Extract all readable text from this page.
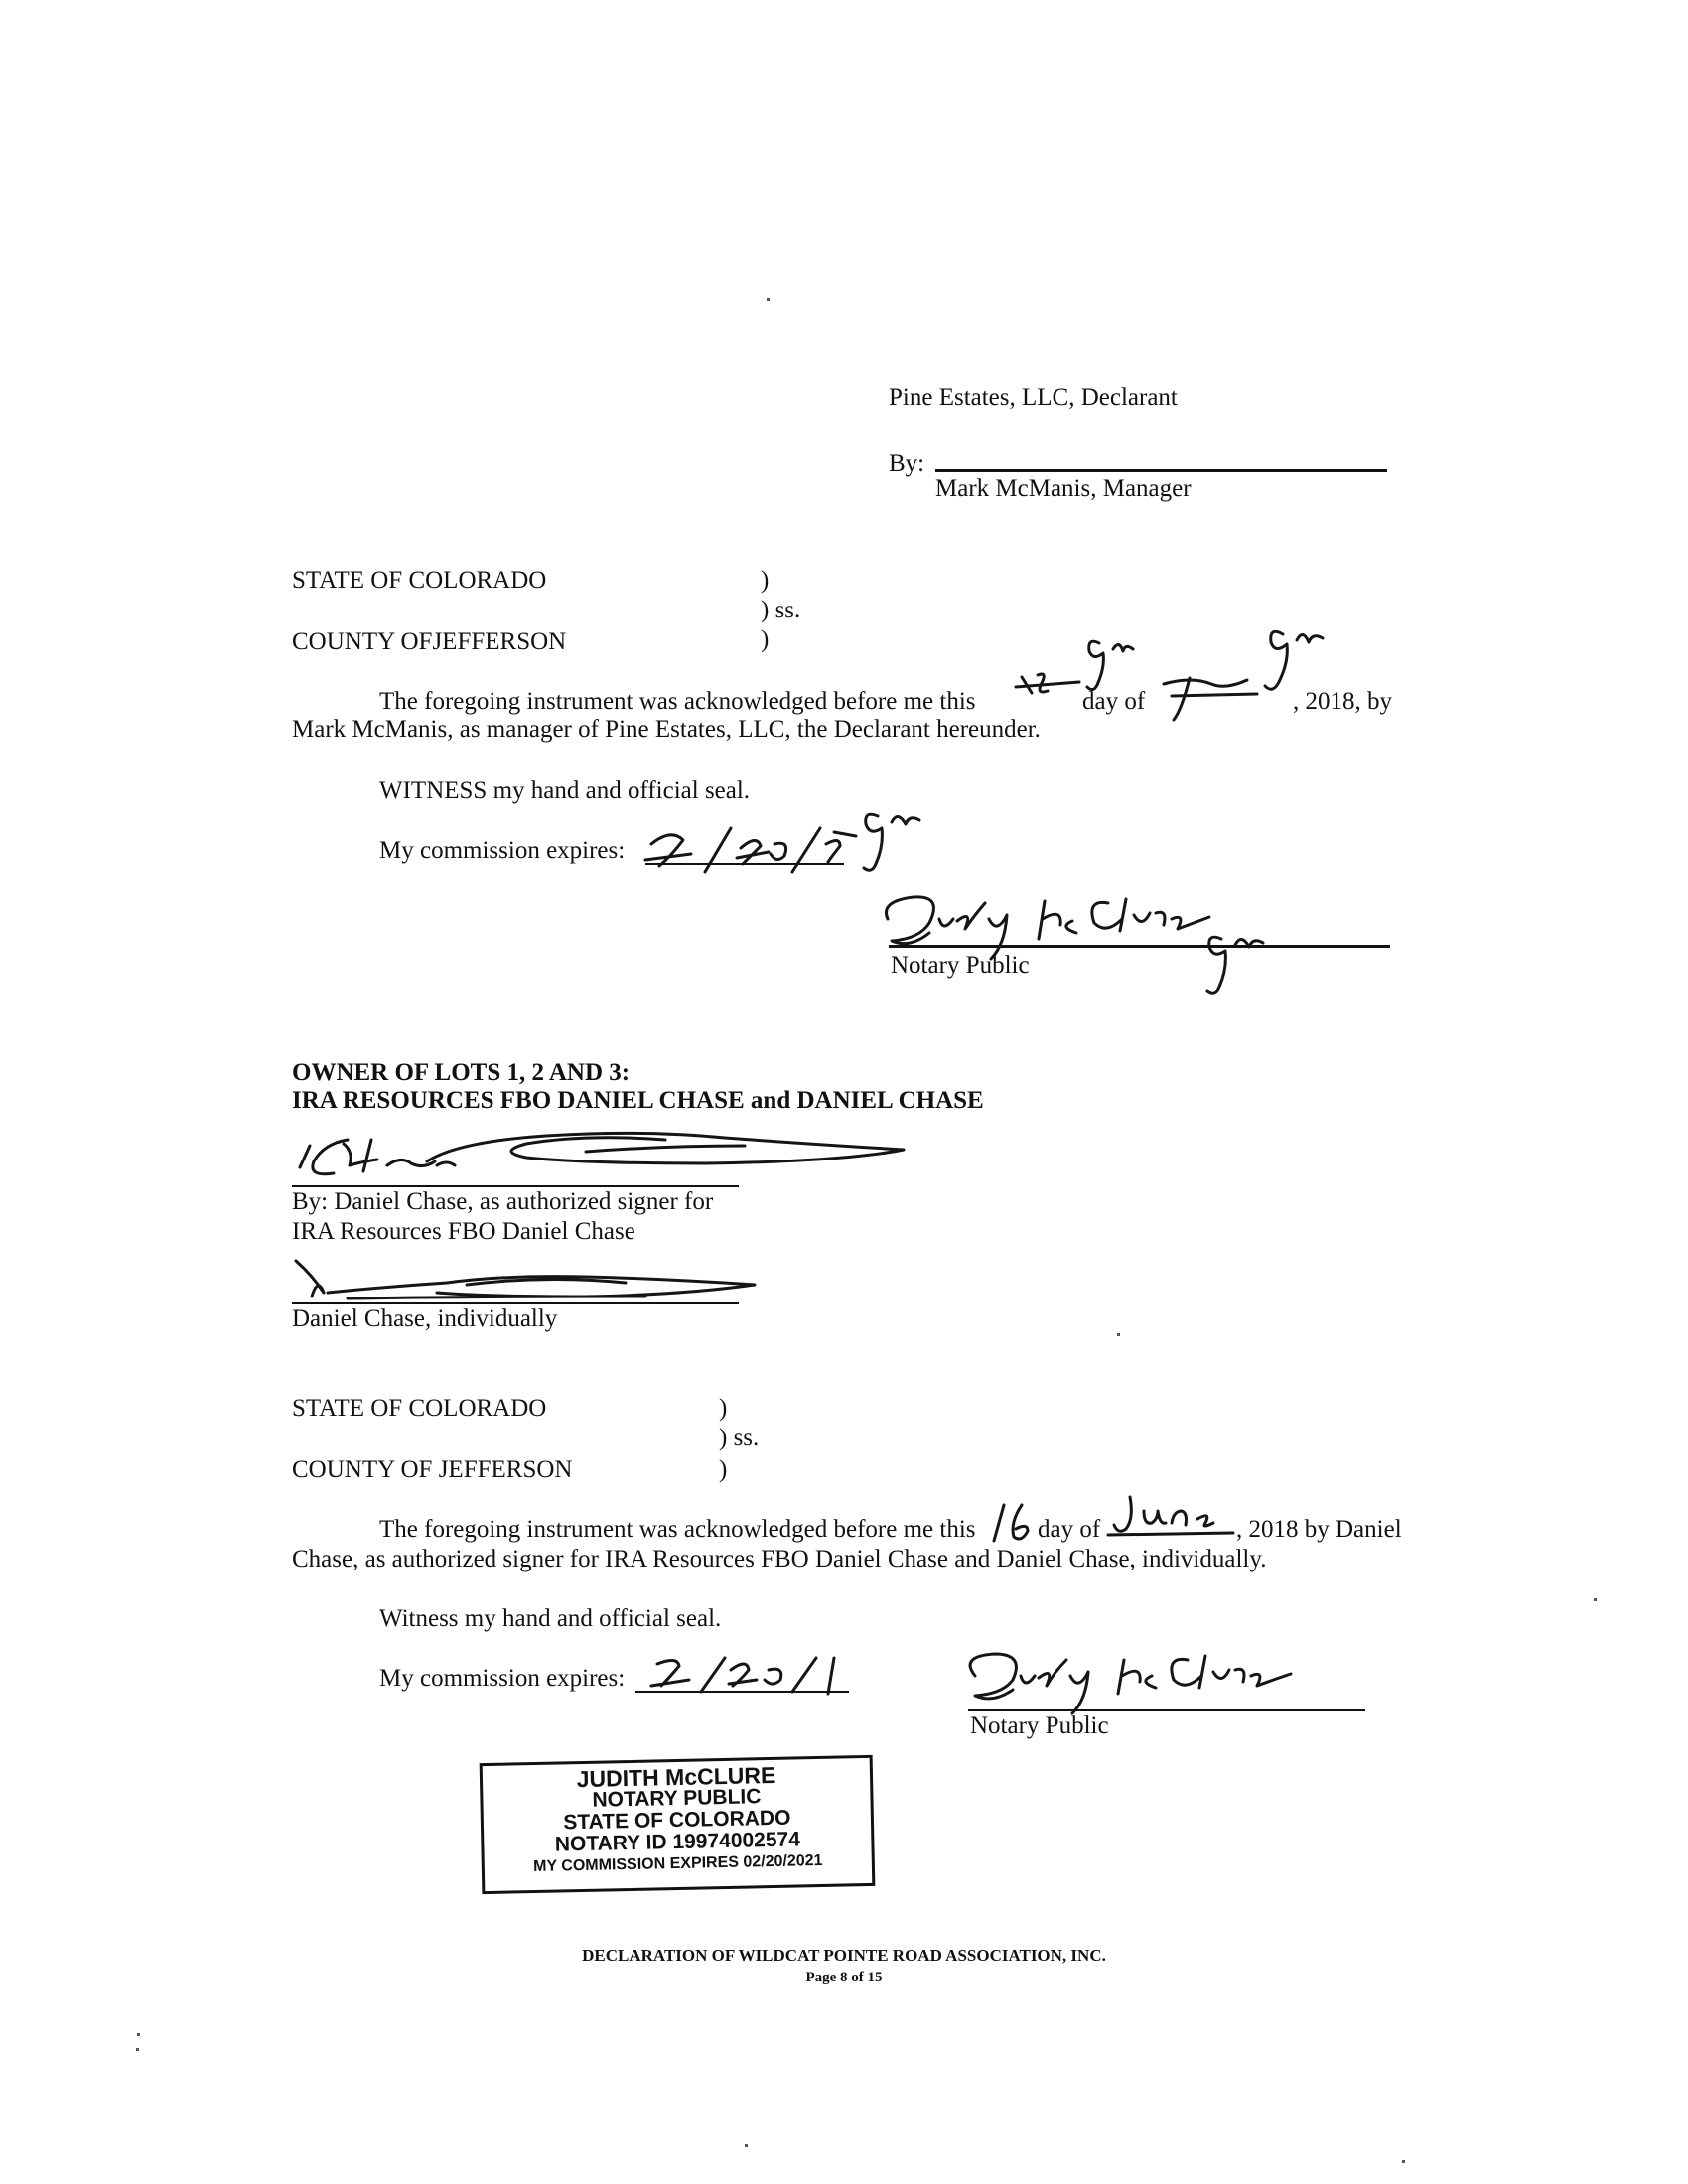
Pine Estates, LLC, Declarant
By:
Mark McManis, Manager
STATE OF COLORADO	)
) ss.
)
COUNTY OFJEFFERSON
The foregoing instrument was acknowledged before me this	day of	, 2018, by
Mark McManis, as manager of Pine Estates, LLC, the Declarant hereunder.
WITNESS my hand and official seal.
My commission expires:
Notary Public
OWNER OF LOTS 1, 2 AND 3:
IRA RESOURCES FBO DANIEL CHASE and DANIEL CHASE
By: Daniel Chase, as authorized signer for
IRA Resources FBO Daniel Chase
Daniel Chase, individually
STATE OF COLORADO	)
) ss.
)
COUNTY OF JEFFERSON
The foregoing instrument was acknowledged before me this day of	, 2018 by Daniel
Chase, as authorized signer for IRA Resources FBO Daniel Chase and Daniel Chase, individually.
Witness my hand and official seal.
My commission expires:
Notary Public
JUDITH McCLURE
NOTARY PUBLIC
STATE OF COLORADO
NOTARY ID 19974002574
MY COMMISSION EXPIRES 02/20/2021
DECLARATION OF WILDCAT POINTE ROAD ASSOCIATION, INC.
Page 8 of 15
